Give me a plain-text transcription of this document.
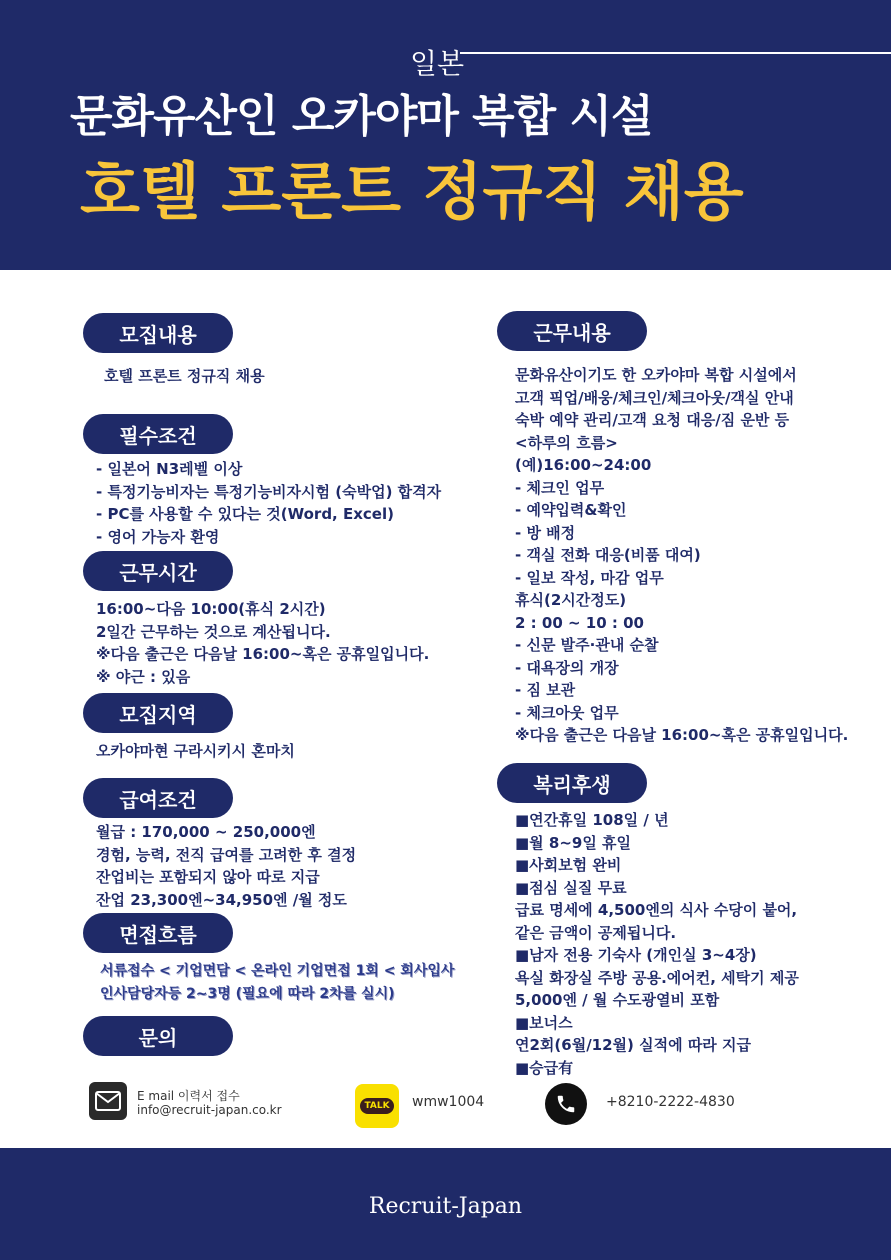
일본
문화유산인 오카야마 복합 시설
호텔 프론트 정규직 채용
모집내용
호텔 프론트 정규직 채용
필수조건
- 일본어 N3레벨 이상
- 특정기능비자는 특정기능비자시험 (숙박업) 합격자
- PC를 사용할 수 있다는 것(Word, Excel)
- 영어 가능자 환영
근무시간
16:00~다음 10:00(휴식 2시간)
2일간 근무하는 것으로 계산됩니다.
※다음 출근은 다음날 16:00~혹은 공휴일입니다.
※ 야근 : 있음
모집지역
오카야마현 구라시키시 혼마치
급여조건
월급 : 170,000 ~ 250,000엔
경험, 능력, 전직 급여를 고려한 후 결정
잔업비는 포함되지 않아 따로 지급
잔업 23,300엔~34,950엔 /월 정도
면접흐름
서류접수 < 기업면담 < 온라인 기업면접 1회 < 회사입사
인사담당자등 2~3명 (필요에 따라 2차를 실시)
문의
근무내용
문화유산이기도 한 오카야마 복합 시설에서
고객 픽업/배웅/체크인/체크아웃/객실 안내
숙박 예약 관리/고객 요청 대응/짐 운반 등
<하루의 흐름>
(예)16:00~24:00
- 체크인 업무
- 예약입력&확인
- 방 배정
- 객실 전화 대응(비품 대여)
- 일보 작성, 마감 업무
휴식(2시간정도)
2 : 00 ~ 10 : 00
- 신문 발주·관내 순찰
- 대욕장의 개장
- 짐 보관
- 체크아웃 업무
※다음 출근은 다음날 16:00~혹은 공휴일입니다.
복리후생
■연간휴일 108일 / 년
■월 8~9일 휴일
■사회보험 완비
■점심 실질 무료
급료 명세에 4,500엔의 식사 수당이 붙어,
같은 금액이 공제됩니다.
■남자 전용 기숙사 (개인실 3~4장)
욕실 화장실 주방 공용.에어컨, 세탁기 제공
5,000엔 / 월 수도광열비 포함
■보너스
연2회(6월/12월) 실적에 따라 지급
■승급有
E mail 이력서 접수
info@recruit-japan.co.kr	TALK wmw1004	+8210-2222-4830
Recruit-Japan
